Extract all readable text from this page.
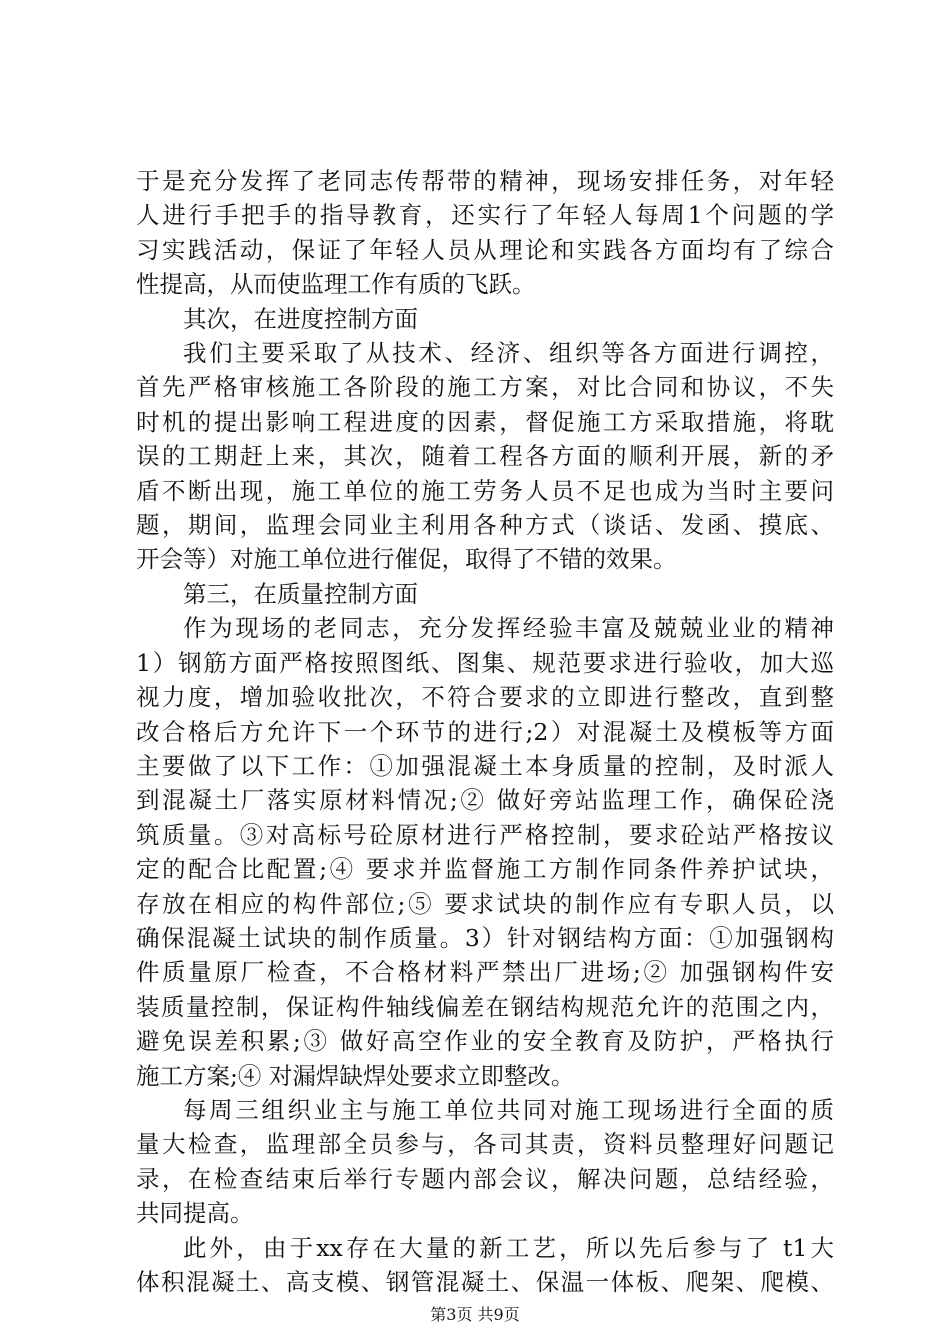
于是充分发挥了老同志传帮带的精神，现场安排任务，对年轻
人进行手把手的指导教育，还实行了年轻人每周1个问题的学
习实践活动，保证了年轻人员从理论和实践各方面均有了综合
性提高，从而使监理工作有质的飞跃。
其次，在进度控制方面
我们主要采取了从技术、经济、组织等各方面进行调控，
首先严格审核施工各阶段的施工方案，对比合同和协议，不失
时机的提出影响工程进度的因素，督促施工方采取措施，将耽
误的工期赶上来，其次，随着工程各方面的顺利开展，新的矛
盾不断出现，施工单位的施工劳务人员不足也成为当时主要问
题，期间，监理会同业主利用各种方式（谈话、发函、摸底、
开会等）对施工单位进行催促，取得了不错的效果。
第三，在质量控制方面
作为现场的老同志，充分发挥经验丰富及兢兢业业的精神
1）钢筋方面严格按照图纸、图集、规范要求进行验收，加大巡
视力度，增加验收批次，不符合要求的立即进行整改，直到整
改合格后方允许下一个环节的进行;2）对混凝土及模板等方面
主要做了以下工作：①加强混凝土本身质量的控制，及时派人
到混凝土厂落实原材料情况;② 做好旁站监理工作，确保砼浇
筑质量。③对高标号砼原材进行严格控制，要求砼站严格按议
定的配合比配置;④ 要求并监督施工方制作同条件养护试块，
存放在相应的构件部位;⑤ 要求试块的制作应有专职人员，以
确保混凝土试块的制作质量。3）针对钢结构方面：①加强钢构
件质量原厂检查，不合格材料严禁出厂进场;② 加强钢构件安
装质量控制，保证构件轴线偏差在钢结构规范允许的范围之内，
避免误差积累;③ 做好高空作业的安全教育及防护，严格执行
施工方案;④ 对漏焊缺焊处要求立即整改。
每周三组织业主与施工单位共同对施工现场进行全面的质
量大检查，监理部全员参与，各司其责，资料员整理好问题记
录，在检查结束后举行专题内部会议，解决问题，总结经验，
共同提高。
此外，由于xx存在大量的新工艺，所以先后参与了 t1大
体积混凝土、高支模、钢管混凝土、保温一体板、爬架、爬模、
第3页 共9页
